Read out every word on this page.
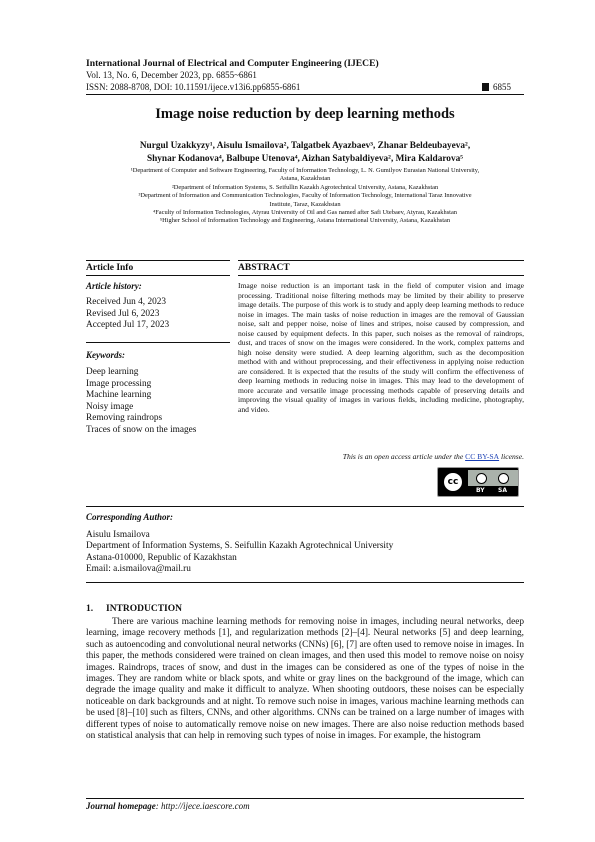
International Journal of Electrical and Computer Engineering (IJECE)
Vol. 13, No. 6, December 2023, pp. 6855~6861
ISSN: 2088-8708, DOI: 10.11591/ijece.v13i6.pp6855-6861	6855
Image noise reduction by deep learning methods
Nurgul Uzakkyzy¹, Aisulu Ismailova², Talgatbek Ayazbaev³, Zhanar Beldeubayeva²,
Shynar Kodanova⁴, Balbupe Utenova⁴, Aizhan Satybaldiyeva², Mira Kaldarova⁵
¹Department of Computer and Software Engineering, Faculty of Information Technology, L. N. Gumilyov Eurasian National University,
Astana, Kazakhstan
²Department of Information Systems, S. Seifullin Kazakh Agrotechnical University, Astana, Kazakhstan
³Department of Information and Communication Technologies, Faculty of Information Technology, International Taraz Innovative
Institute, Taraz, Kazakhstan
⁴Faculty of Information Technologies, Atyrau University of Oil and Gas named after Safi Utebaev, Atyrau, Kazakhstan
⁵Higher School of Information Technology and Engineering, Astana International University, Astana, Kazakhstan
Article Info	ABSTRACT
Article history:
Received Jun 4, 2023
Revised Jul 6, 2023
Accepted Jul 17, 2023
Keywords:
Deep learning
Image processing
Machine learning
Noisy image
Removing raindrops
Traces of snow on the images
Image noise reduction is an important task in the field of computer vision and image processing. Traditional noise filtering methods may be limited by their ability to preserve image details. The purpose of this work is to study and apply deep learning methods to reduce noise in images. The main tasks of noise reduction in images are the removal of Gaussian noise, salt and pepper noise, noise of lines and stripes, noise caused by compression, and noise caused by equipment defects. In this paper, such noises as the removal of raindrops, dust, and traces of snow on the images were considered. In the work, complex patterns and high noise density were studied. A deep learning algorithm, such as the decomposition method with and without preprocessing, and their effectiveness in applying noise reduction are considered. It is expected that the results of the study will confirm the effectiveness of deep learning methods in reducing noise in images. This may lead to the development of more accurate and versatile image processing methods capable of preserving details and improving the visual quality of images in various fields, including medicine, photography, and video.
This is an open access article under the CC BY-SA license.
cc
BY SA
Corresponding Author:
Aisulu Ismailova
Department of Information Systems, S. Seifullin Kazakh Agrotechnical University
Astana-010000, Republic of Kazakhstan
Email: a.ismailova@mail.ru
1. INTRODUCTION

There are various machine learning methods for removing noise in images, including neural networks, deep learning, image recovery methods [1], and regularization methods [2]–[4]. Neural networks [5] and deep learning, such as autoencoding and convolutional neural networks (CNNs) [6], [7] are often used to remove noise in images. In this paper, the methods considered were trained on clean images, and then used this model to remove noise on noisy images. Raindrops, traces of snow, and dust in the images can be considered as one of the types of noise in the images. They are random white or black spots, and white or gray lines on the background of the image, which can degrade the image quality and make it difficult to analyze. When shooting outdoors, these noises can be especially noticeable on dark backgrounds and at night. To remove such noise in images, various machine learning methods can be used [8]–[10] such as filters, CNNs, and other algorithms. CNNs can be trained on a large number of images with different types of noise to automatically remove noise on new images. There are also noise reduction methods based on statistical analysis that can help in removing such types of noise in images. For example, the histogram

Journal homepage: http://ijece.iaescore.com
